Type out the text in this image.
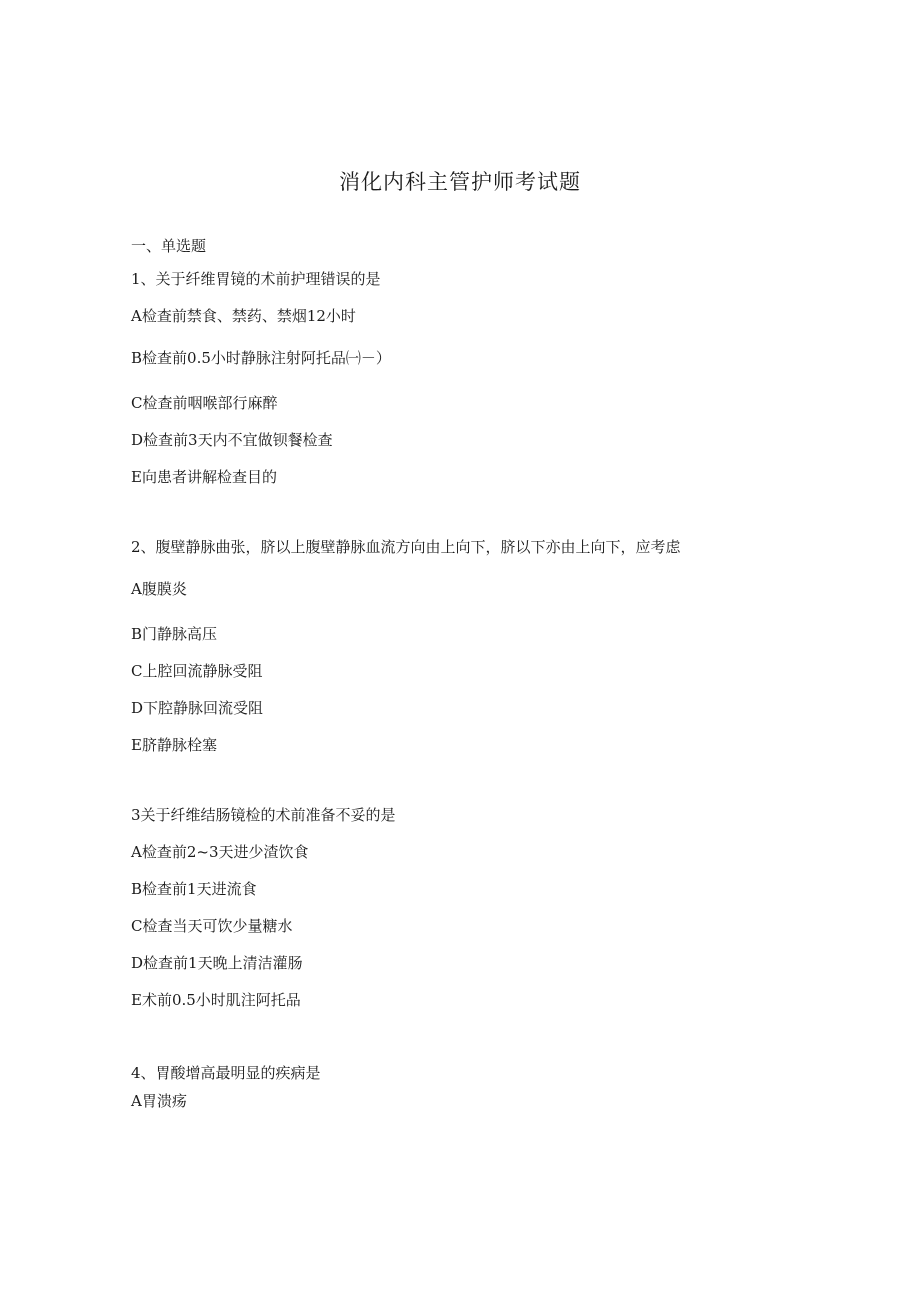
消化内科主管护师考试题
一、单选题
1、关于纤维胃镜的术前护理错误的是
A检查前禁食、禁药、禁烟12小时
B检查前0.5小时静脉注射阿托品㈠－）
C检查前咽喉部行麻醉
D检查前3天内不宜做钡餐检查
E向患者讲解检查目的
2、腹壁静脉曲张，脐以上腹壁静脉血流方向由上向下，脐以下亦由上向下，应考虑
A腹膜炎
B门静脉高压
C上腔回流静脉受阻
D下腔静脉回流受阻
E脐静脉栓塞
3关于纤维结肠镜检的术前准备不妥的是
A检查前2~3天进少渣饮食
B检查前1天进流食
C检查当天可饮少量糖水
D检查前1天晚上清洁灌肠
E术前0.5小时肌注阿托品
4、胃酸增高最明显的疾病是
A胃溃疡
